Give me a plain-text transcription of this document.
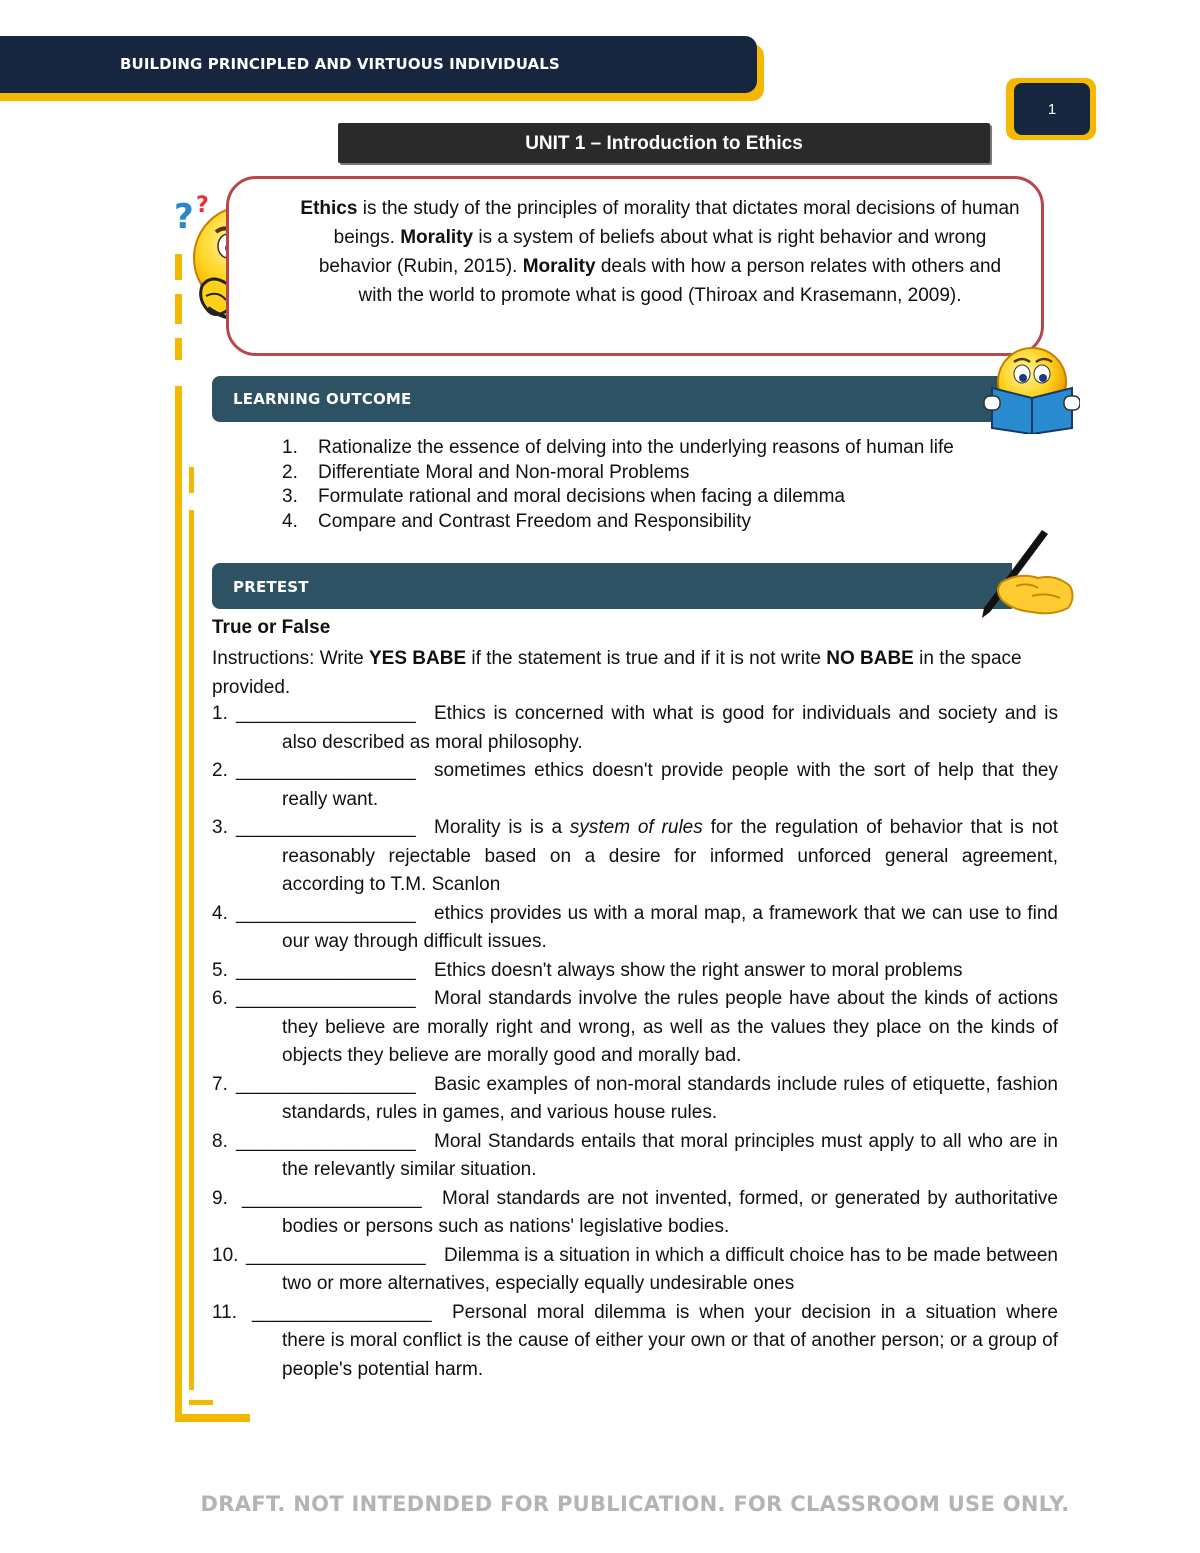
BUILDING PRINCIPLED AND VIRTUOUS INDIVIDUALS
1
UNIT 1 – Introduction to Ethics
? ?	Ethics is the study of the principles of morality that dictates moral decisions of human beings. Morality is a system of beliefs about what is right behavior and wrong behavior (Rubin, 2015). Morality deals with how a person relates with others and with the world to promote what is good (Thiroax and Krasemann, 2009).
LEARNING OUTCOME
1.	Rationalize the essence of delving into the underlying reasons of human life
2.	Differentiate Moral and Non-moral Problems
3.	Formulate rational and moral decisions when facing a dilemma
4.	Compare and Contrast Freedom and Responsibility
PRETEST
True or False
Instructions: Write YES BABE if the statement is true and if it is not write NO BABE in the space provided.
1. _________________ Ethics is concerned with what is good for individuals and society and is also described as moral philosophy.
2. _________________ sometimes ethics doesn't provide people with the sort of help that they really want.
3. _________________ Morality is is a system of rules for the regulation of behavior that is not reasonably rejectable based on a desire for informed unforced general agreement, according to T.M. Scanlon
4. _________________ ethics provides us with a moral map, a framework that we can use to find our way through difficult issues.
5. _________________ Ethics doesn't always show the right answer to moral problems
6. _________________ Moral standards involve the rules people have about the kinds of actions they believe are morally right and wrong, as well as the values they place on the kinds of objects they believe are morally good and morally bad.
7. _________________ Basic examples of non-moral standards include rules of etiquette, fashion standards, rules in games, and various house rules.
8. _________________ Moral Standards entails that moral principles must apply to all who are in the relevantly similar situation.
9. _________________	Moral standards are not invented, formed, or generated by authoritative bodies or persons such as nations' legislative bodies.
10. _________________ Dilemma is a situation in which a difficult choice has to be made between two or more alternatives, especially equally undesirable ones
11. _________________	Personal moral dilemma is when your decision in a situation where there is moral conflict is the cause of either your own or that of another person; or a group of people's potential harm.
DRAFT. NOT INTEDNDED FOR PUBLICATION. FOR CLASSROOM USE ONLY.
